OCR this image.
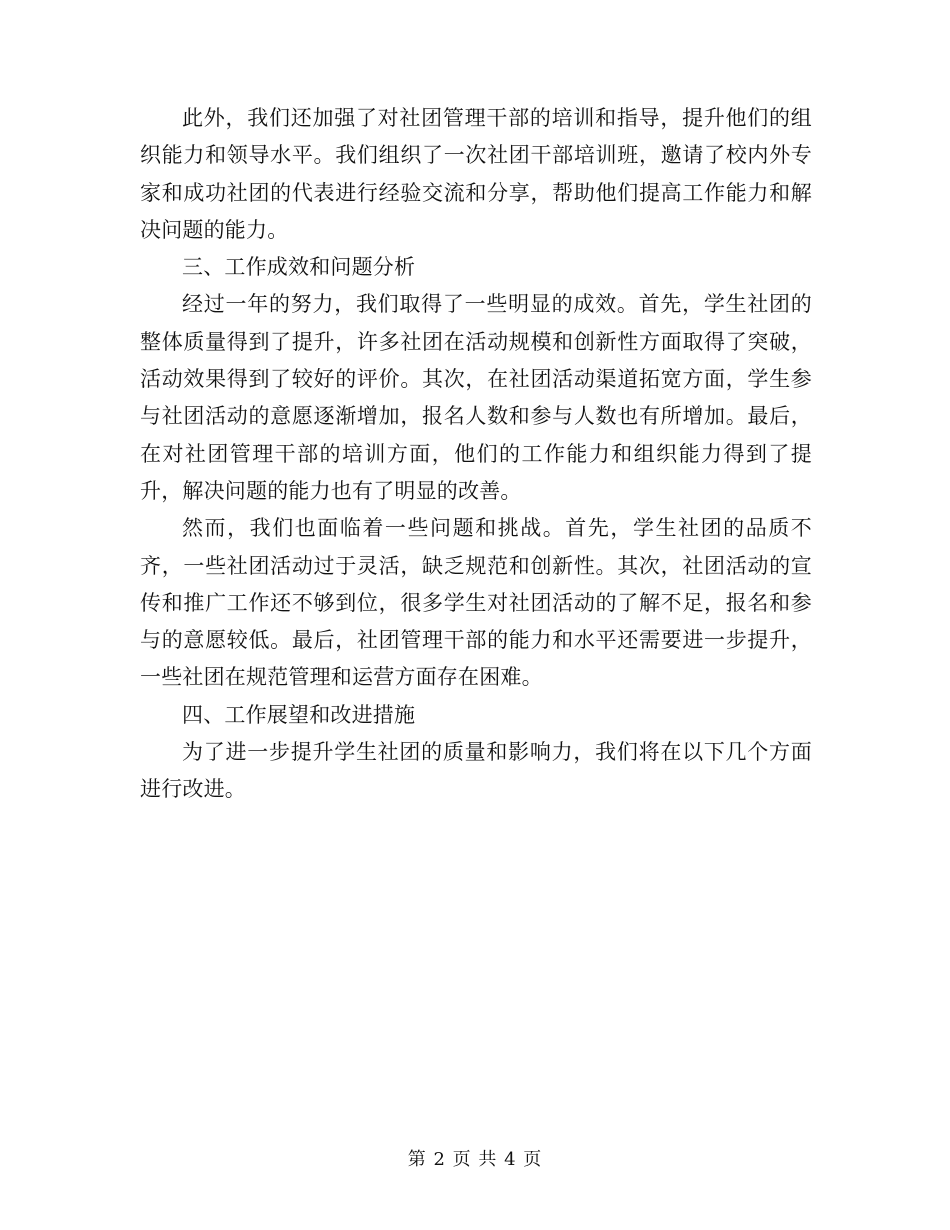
此外，我们还加强了对社团管理干部的培训和指导，提升他们的组织能力和领导水平。我们组织了一次社团干部培训班，邀请了校内外专家和成功社团的代表进行经验交流和分享，帮助他们提高工作能力和解决问题的能力。

三、工作成效和问题分析

经过一年的努力，我们取得了一些明显的成效。首先，学生社团的整体质量得到了提升，许多社团在活动规模和创新性方面取得了突破，活动效果得到了较好的评价。其次，在社团活动渠道拓宽方面，学生参与社团活动的意愿逐渐增加，报名人数和参与人数也有所增加。最后，在对社团管理干部的培训方面，他们的工作能力和组织能力得到了提升，解决问题的能力也有了明显的改善。

然而，我们也面临着一些问题和挑战。首先，学生社团的品质不齐，一些社团活动过于灵活，缺乏规范和创新性。其次，社团活动的宣传和推广工作还不够到位，很多学生对社团活动的了解不足，报名和参与的意愿较低。最后，社团管理干部的能力和水平还需要进一步提升，一些社团在规范管理和运营方面存在困难。

四、工作展望和改进措施

为了进一步提升学生社团的质量和影响力，我们将在以下几个方面进行改进。

第 2 页 共 4 页
